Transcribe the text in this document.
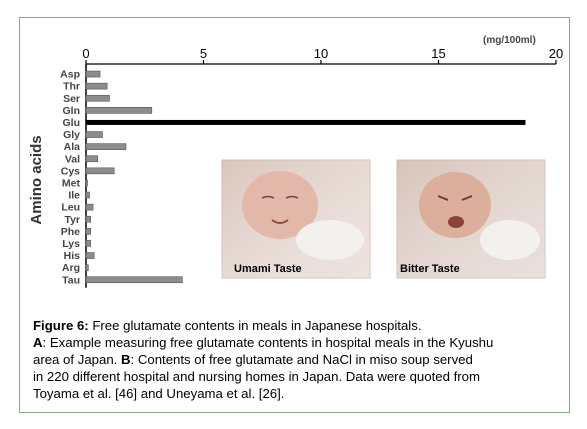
0	5	10	15	20
Asp
Thr
Ser
Gln
Glu
Gly
Ala
Val
Cys
Met
Ile
Leu
Tyr
Phe
Lys
His
Arg
Tau
(mg/100ml)
Amino acids
Umami Taste	Bitter Taste
Figure 6: Free glutamate contents in meals in Japanese hospitals.
A: Example measuring free glutamate contents in hospital meals in the Kyushu
area of Japan. B: Contents of free glutamate and NaCl in miso soup served
in 220 different hospital and nursing homes in Japan. Data were quoted from
Toyama et al. [46] and Uneyama et al. [26].
